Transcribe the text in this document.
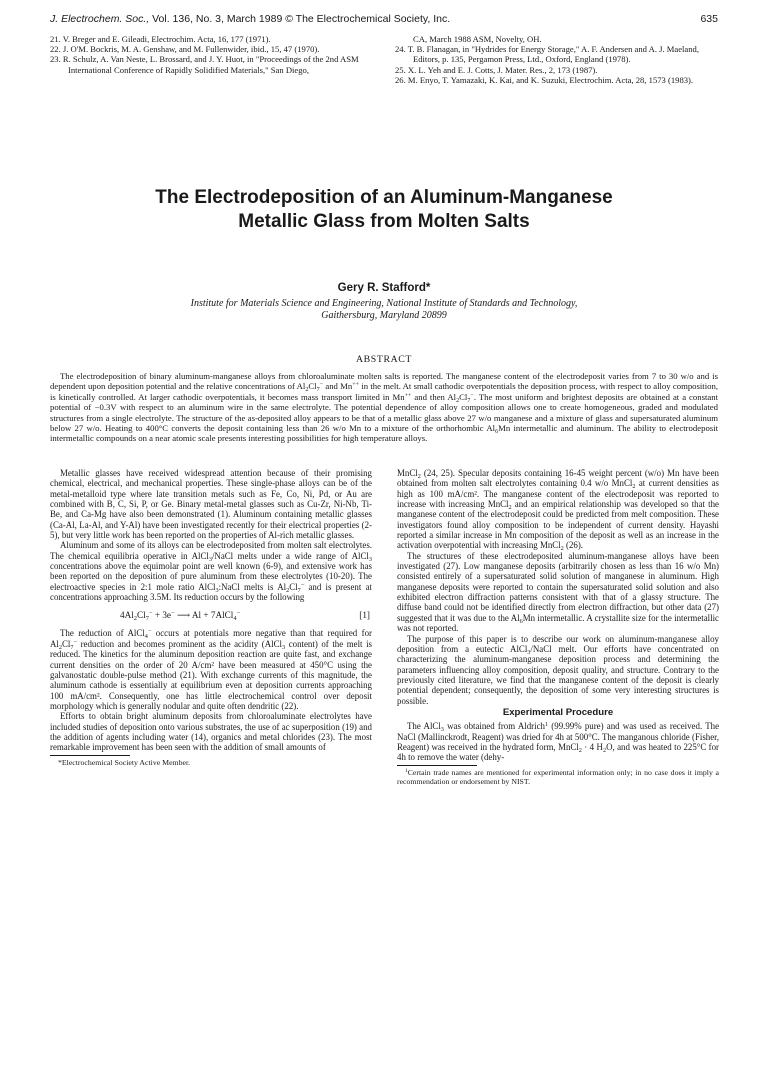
J. Electrochem. Soc., Vol. 136, No. 3, March 1989 © The Electrochemical Society, Inc.	635

21. V. Breger and E. Gileadi, Electrochim. Acta, 16, 177 (1971).

22. J. O'M. Bockris, M. A. Genshaw, and M. Fullenwider, ibid., 15, 47 (1970).

23. R. Schulz, A. Van Neste, L. Brossard, and J. Y. Huot, in "Proceedings of the 2nd ASM International Conference of Rapidly Solidified Materials," San Diego,

CA, March 1988 ASM, Novelty, OH.

24. T. B. Flanagan, in "Hydrides for Energy Storage," A. F. Andersen and A. J. Maeland, Editors, p. 135, Pergamon Press, Ltd., Oxford, England (1978).

25. X. L. Yeh and E. J. Cotts, J. Mater. Res., 2, 173 (1987).

26. M. Enyo, T. Yamazaki, K. Kai, and K. Suzuki, Electrochim. Acta, 28, 1573 (1983).

The Electrodeposition of an Aluminum-Manganese
Metallic Glass from Molten Salts
Gery R. Stafford*
Institute for Materials Science and Engineering, National Institute of Standards and Technology,
Gaithersburg, Maryland 20899
ABSTRACT

The electrodeposition of binary aluminum-manganese alloys from chloroaluminate molten salts is reported. The manganese content of the electrodeposit varies from 7 to 30 w/o and is dependent upon deposition potential and the relative concentrations of $Al_2Cl_7^-$ and Mn++ in the melt. At small cathodic overpotentials the deposition process, with respect to alloy composition, is kinetically controlled. At larger cathodic overpotentials, it becomes mass transport limited in Mn++ and then $Al_2Cl_7^-$. The most uniform and brightest deposits are obtained at a constant potential of −0.3V with respect to an aluminum wire in the same electrolyte. The potential dependence of alloy composition allows one to create homogeneous, graded and modulated structures from a single electrolyte. The structure of the as-deposited alloy appears to be that of a metallic glass above 27 w/o manganese and a mixture of glass and supersaturated aluminum below 27 w/o. Heating to 400°C converts the deposit containing less than 26 w/o Mn to a mixture of the orthorhombic $Al_6Mn$ intermetallic and aluminum. The ability to electrodeposit intermetallic compounds on a near atomic scale presents interesting possibilities for high temperature alloys.

Metallic glasses have received widespread attention because of their promising chemical, electrical, and mechanical properties. These single-phase alloys can be of the metal-metalloid type where late transition metals such as Fe, Co, Ni, Pd, or Au are combined with B, C, Si, P, or Ge. Binary metal-metal glasses such as Cu-Zr, Ni-Nb, Ti-Be, and Ca-Mg have also been demonstrated (1). Aluminum containing metallic glasses (Ca-Al, La-Al, and Y-Al) have been investigated recently for their electrical properties (2-5), but very little work has been reported on the properties of Al-rich metallic glasses.

Aluminum and some of its alloys can be electrodeposited from molten salt electrolytes. The chemical equilibria operative in AlCl$_3$/NaCl melts under a wide range of AlCl$_3$ concentrations above the equimolar point are well known (6-9), and extensive work has been reported on the deposition of pure aluminum from these electrolytes (10-20). The electroactive species in 2:1 mole ratio AlCl$_3$:NaCl melts is $Al_2Cl_7^-$ and is present at concentrations approaching 3.5M. Its reduction occurs by the following

$4Al_2Cl_7^- + 3e^-$ ⟶ Al + 7AlCl$_4$−	[1]

The reduction of AlCl$_4$− occurs at potentials more negative than that required for $Al_2Cl_7^-$ reduction and becomes prominent as the acidity (AlCl$_3$ content) of the melt is reduced. The kinetics for the aluminum deposition reaction are quite fast, and exchange current densities on the order of 20 A/cm² have been measured at 450°C using the galvanostatic double-pulse method (21). With exchange currents of this magnitude, the aluminum cathode is essentially at equilibrium even at deposition currents approaching 100 mA/cm². Consequently, one has little electrochemical control over deposit morphology which is generally nodular and quite often dendritic (22).

Efforts to obtain bright aluminum deposits from chloroaluminate electrolytes have included studies of deposition onto various substrates, the use of ac superposition (19) and the addition of agents including water (14), organics and metal chlorides (23). The most remarkable improvement has been seen with the addition of small amounts of

*Electrochemical Society Active Member.

MnCl$_2$ (24, 25). Specular deposits containing 16-45 weight percent (w/o) Mn have been obtained from molten salt electrolytes containing 0.4 w/o MnCl$_2$ at current densities as high as 100 mA/cm². The manganese content of the electrodeposit was reported to increase with increasing MnCl$_2$ and an empirical relationship was developed so that the manganese content of the electrodeposit could be predicted from melt composition. These investigators found alloy composition to be independent of current density. Hayashi reported a similar increase in Mn composition of the deposit as well as an increase in the activation overpotential with increasing MnCl$_2$ (26).

The structures of these electrodeposited aluminum-manganese alloys have been investigated (27). Low manganese deposits (arbitrarily chosen as less than 16 w/o Mn) consisted entirely of a supersaturated solid solution of manganese in aluminum. High manganese deposits were reported to contain the supersaturated solid solution and also exhibited electron diffraction patterns consistent with that of a glassy structure. The diffuse band could not be identified directly from electron diffraction, but other data (27) suggested that it was due to the $Al_6Mn$ intermetallic. A crystallite size for the intermetallic was not reported.

The purpose of this paper is to describe our work on aluminum-manganese alloy deposition from a eutectic AlCl$_3$/NaCl melt. Our efforts have concentrated on characterizing the aluminum-manganese deposition process and determining the parameters influencing alloy composition, deposit quality, and structure. Contrary to the previously cited literature, we find that the manganese content of the deposit is clearly potential dependent; consequently, the deposition of some very interesting structures is possible.

Experimental Procedure

The AlCl$_3$ was obtained from Aldrich$^1$ (99.99% pure) and was used as received. The NaCl (Mallinckrodt, Reagent) was dried for 4h at 500°C. The manganous chloride (Fisher, Reagent) was received in the hydrated form, MnCl$_2$ · 4 $H_2O$, and was heated to 225°C for 4h to remove the water (dehy-

$^1$Certain trade names are mentioned for experimental information only; in no case does it imply a recommendation or endorsement by NIST.
